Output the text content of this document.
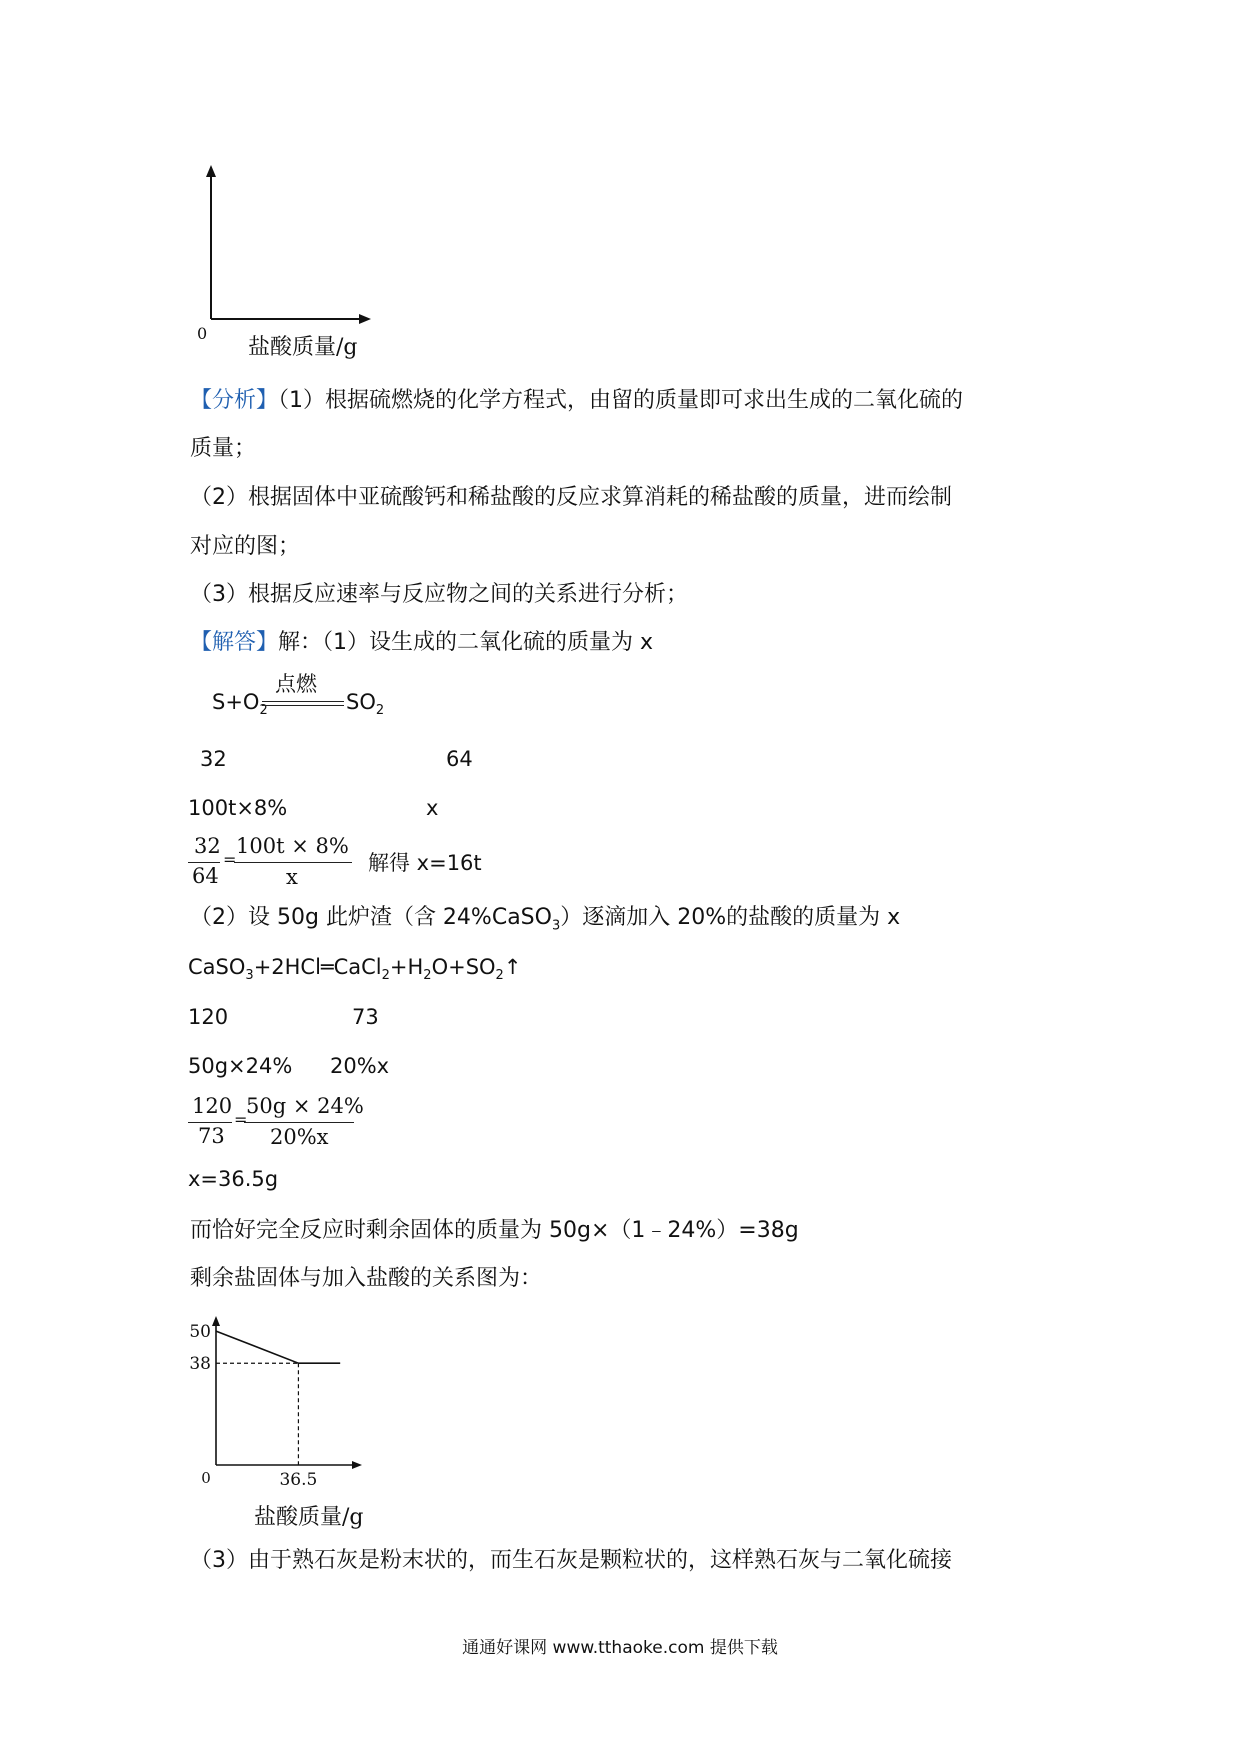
0
盐酸质量/g
【分析】（1）根据硫燃烧的化学方程式，由留的质量即可求出生成的二氧化硫的
质量；
（2）根据固体中亚硫酸钙和稀盐酸的反应求算消耗的稀盐酸的质量，进而绘制
对应的图；
（3）根据反应速率与反应物之间的关系进行分析；
【解答】解：（1）设生成的二氧化硫的质量为 x
点燃
$S+O_2$	$SO_2$
32	64
100t×8%	x
32
64
=
100t × 8%
x
解得 x=16t
（2）设 50g 此炉渣（含 24%CaSO$_3$）逐滴加入 20%的盐酸的质量为 x
$CaSO_3+2HCl═CaCl_2+H_2O+SO_2↑$
120	73
50g×24% 20%x
120
73
=
50g × 24%
20%x
x=36.5g
而恰好完全反应时剩余固体的质量为 50g×（1﹣24%）=38g
剩余盐固体与加入盐酸的关系图为：
50
38
0	36.5
盐酸质量/g
（3）由于熟石灰是粉末状的，而生石灰是颗粒状的，这样熟石灰与二氧化硫接
通通好课网 www.tthaoke.com 提供下载
